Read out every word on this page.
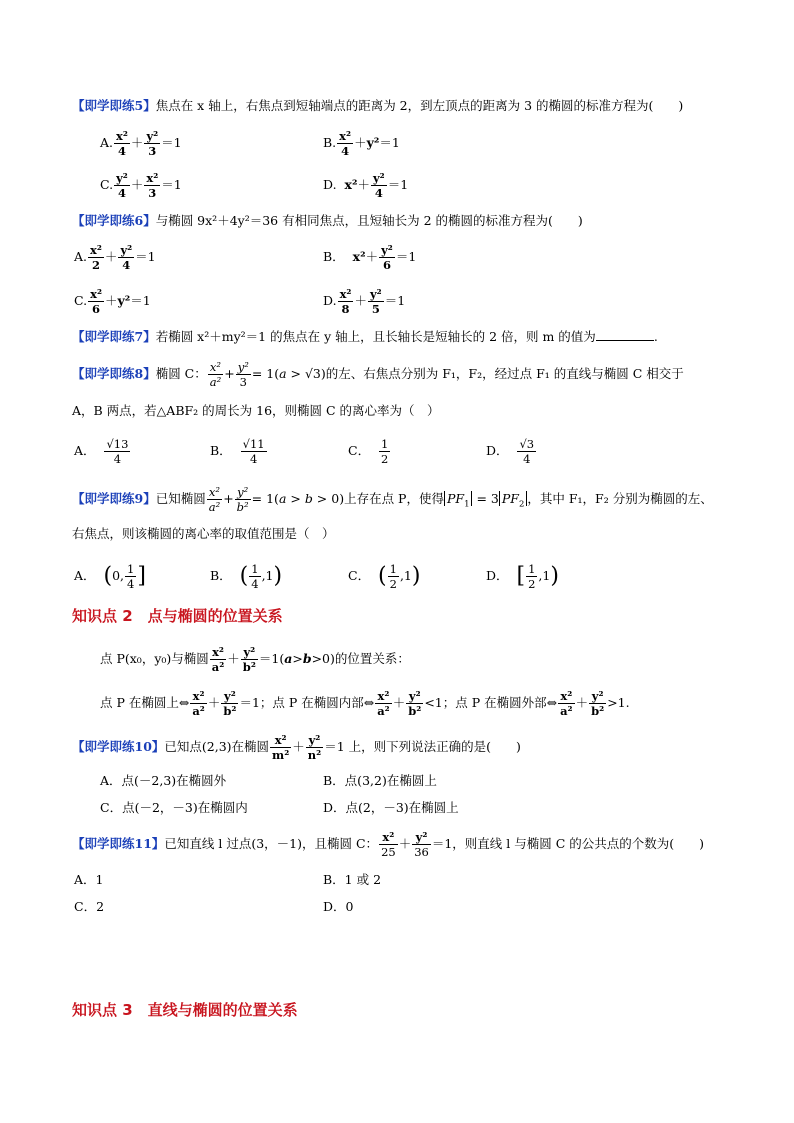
【即学即练5】焦点在 x 轴上，右焦点到短轴端点的距离为 2，到左顶点的距离为 3 的椭圆的标准方程为(　　)
A. $\frac{\text{x²}}{4} + \frac{\text{y²}}{3} =1$	B. $\frac{\text{x²}}{4} +y^2=1$
C. $\frac{\text{y²}}{4} + \frac{\text{x²}}{3} =1$	D. $x^2+ \frac{\text{y²}}{4} =1$
【即学即练6】与椭圆 9x²＋4y²＝36 有相同焦点，且短轴长为 2 的椭圆的标准方程为(　　)
A. $\frac{\text{x²}}{2} + \frac{\text{y²}}{4} =1$	B． $x^2+ \frac{\text{y²}}{6} =1$
C. $\frac{\text{x²}}{6} +y^2=1$	D. $\frac{\text{x²}}{8} + \frac{\text{y²}}{5} =1$
【即学即练7】若椭圆 x²＋my²＝1 的焦点在 y 轴上，且长轴长是短轴长的 2 倍，则 m 的值为	.
【即学即练8】椭圆 C： $\frac{\text{x²}}{\text{a²}} + \frac{\text{y²}}{3} = 1(a > √3)$的左、右焦点分别为 F₁，F₂，经过点 F₁ 的直线与椭圆 C 相交于
A，B 两点，若△ABF₂ 的周长为 16，则椭圆 C 的离心率为（　）
A． $\frac{√13}{4}$	B． $\frac{√11}{4}$	C． $\frac{1}{2}$	D． $\frac{√3}{4}$
【即学即练9】已知椭圆 $\frac{\text{x²}}{\text{a²}} + \frac{\text{y²}}{\text{b²}} = 1(a > b > 0)$上存在点 P，使得 $PF_1 = 3$ $PF_2$ ，其中 F₁，F₂ 分别为椭圆的左、
右焦点，则该椭圆的离心率的取值范围是（　）
A． (0, $\frac{1}{4}$ ]	B． ( $\frac{1}{4} ,1$)	C． ( $\frac{1}{2} ,1$)	D． [ $\frac{1}{2} ,1$)
知识点 2　点与椭圆的位置关系
点 P(x₀，y₀)与椭圆 $\frac{\text{x²}}{\text{a²}} + \frac{\text{y²}}{\text{b²}} =1(a>b>0)$的位置关系：
点 P 在椭圆上⇔ $\frac{\text{x²}}{\text{a²}} + \frac{\text{y²}}{\text{b²}} =1$；点 P 在椭圆内部⇔ $\frac{\text{x²}}{\text{a²}} + \frac{\text{y²}}{\text{b²}} <1$；点 P 在椭圆外部⇔ $\frac{\text{x²}}{\text{a²}} + \frac{\text{y²}}{\text{b²}} >1$.
【即学即练10】已知点(2,3)在椭圆 $\frac{\text{x²}}{\text{m²}} + \frac{\text{y²}}{\text{n²}} =1$ 上，则下列说法正确的是(　　)
A．点(－2,3)在椭圆外	B．点(3,2)在椭圆上
C．点(－2，－3)在椭圆内	D．点(2，－3)在椭圆上
【即学即练11】已知直线 l 过点(3，－1)，且椭圆 C： $\frac{\text{x²}}{25} + \frac{\text{y²}}{36} =1$，则直线 l 与椭圆 C 的公共点的个数为(　　)
A．1	B．1 或 2
C．2	D．0
知识点 3　直线与椭圆的位置关系
